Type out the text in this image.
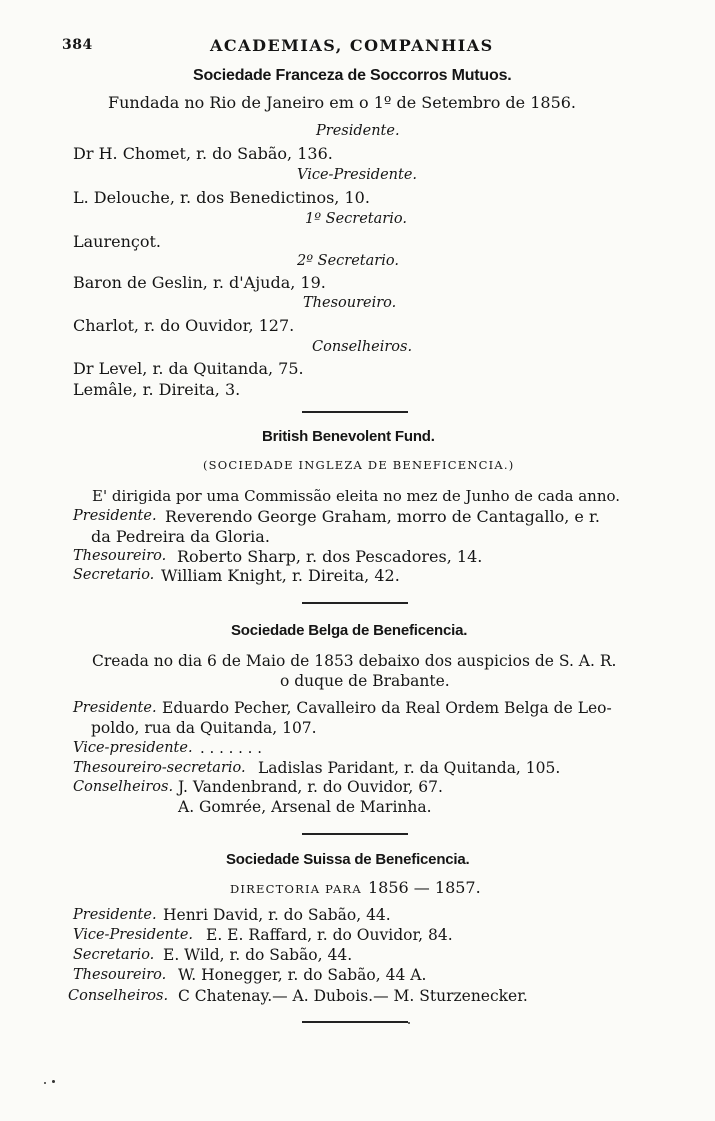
384	ACADEMIAS, COMPANHIAS
Sociedade Franceza de Soccorros Mutuos.
Fundada no Rio de Janeiro em o 1º de Setembro de 1856.
Presidente.
Dr H. Chomet, r. do Sabão, 136.
Vice-Presidente.
L. Delouche, r. dos Benedictinos, 10.
1º Secretario.
Laurençot.
2º Secretario.
Baron de Geslin, r. d'Ajuda, 19.
Thesoureiro.
Charlot, r. do Ouvidor, 127.
Conselheiros.
Dr Level, r. da Quitanda, 75.
Lemâle, r. Direita, 3.
British Benevolent Fund.
(SOCIEDADE INGLEZA DE BENEFICENCIA.)
E' dirigida por uma Commissão eleita no mez de Junho de cada anno.
Presidente. Reverendo George Graham, morro de Cantagallo, e r.
da Pedreira da Gloria.
Thesoureiro. Roberto Sharp, r. dos Pescadores, 14.
Secretario. William Knight, r. Direita, 42.
Sociedade Belga de Beneficencia.
Creada no dia 6 de Maio de 1853 debaixo dos auspicios de S. A. R.
o duque de Brabante.
Presidente. Eduardo Pecher, Cavalleiro da Real Ordem Belga de Leo-
poldo, rua da Quitanda, 107.
Vice-presidente. . . . . . . .
Thesoureiro-secretario. Ladislas Paridant, r. da Quitanda, 105.
Conselheiros. J. Vandenbrand, r. do Ouvidor, 67.
A. Gomrée, Arsenal de Marinha.
Sociedade Suissa de Beneficencia.
DIRECTORIA PARA 1856 — 1857.
Presidente. Henri David, r. do Sabão, 44.
Vice-Presidente. E. E. Raffard, r. do Ouvidor, 84.
Secretario. E. Wild, r. do Sabão, 44.
Thesoureiro. W. Honegger, r. do Sabão, 44 A.
Conselheiros. C Chatenay.— A. Dubois.— M. Sturzenecker.
